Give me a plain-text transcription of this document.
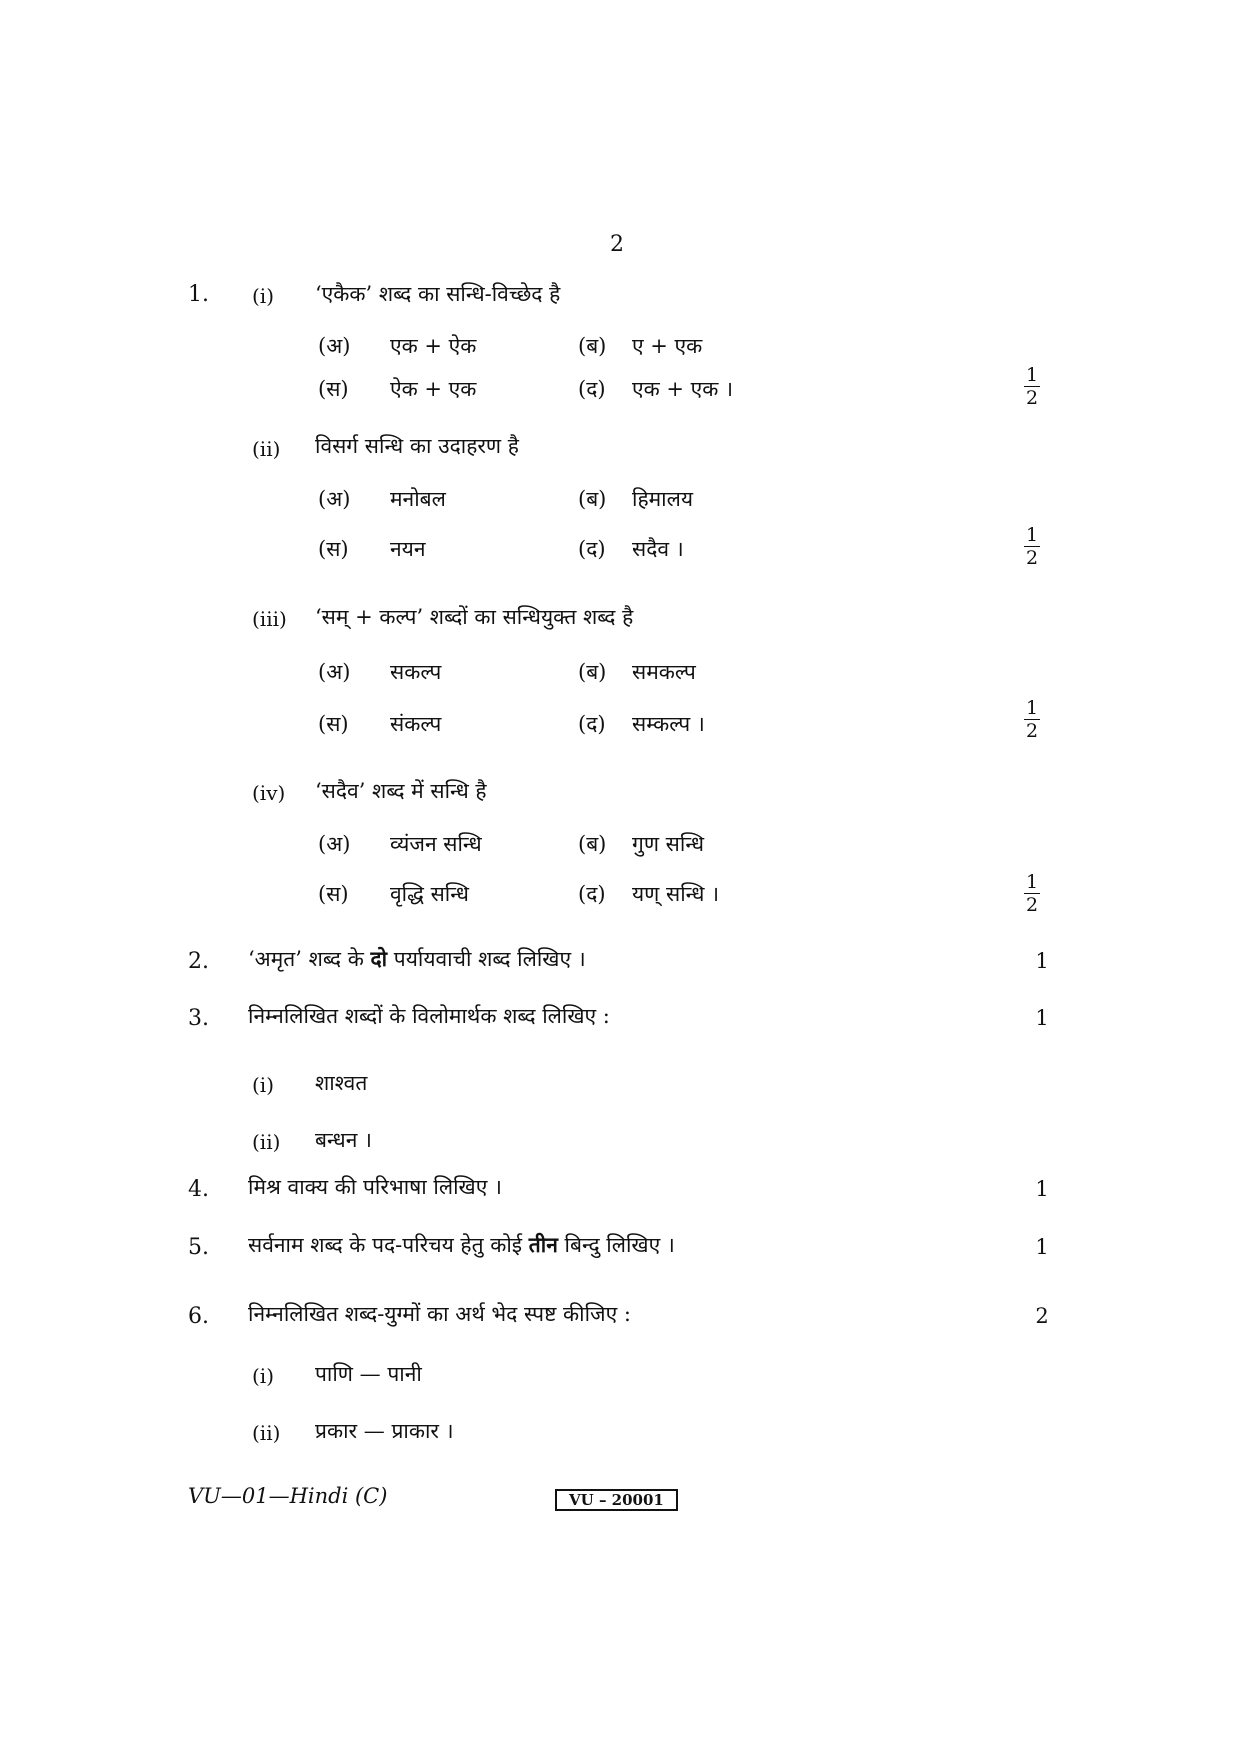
2
1. (i) ‘एकैक’ शब्द का सन्धि-विच्छेद है
(अ) एक + ऐक	(ब) ए + एक
(स) ऐक + एक	(द) एक + एक ।
1
2
(ii) विसर्ग सन्धि का उदाहरण है
(अ) मनोबल	(ब) हिमालय
(स) नयन	(द) सदैव ।
1
2
(iii) ‘सम् + कल्प’ शब्दों का सन्धियुक्त शब्द है
(अ) सकल्प	(ब) समकल्प
(स) संकल्प	(द) सम्कल्प ।
1
2
(iv) ‘सदैव’ शब्द में सन्धि है
(अ) व्यंजन सन्धि	(ब) गुण सन्धि
(स) वृद्धि सन्धि	(द) यण् सन्धि ।	1
2
2. ‘अमृत’ शब्द के दो पर्यायवाची शब्द लिखिए ।	1
3. निम्नलिखित शब्दों के विलोमार्थक शब्द लिखिए :	1
(i) शाश्वत
(ii) बन्धन ।
4. मिश्र वाक्य की परिभाषा लिखिए ।	1
5. सर्वनाम शब्द के पद-परिचय हेतु कोई तीन बिन्दु लिखिए ।	1
6. निम्नलिखित शब्द-युग्मों का अर्थ भेद स्पष्ट कीजिए :	2
(i) पाणि — पानी
(ii) प्रकार — प्राकार ।
VU—01—Hindi (C)	VU – 20001
